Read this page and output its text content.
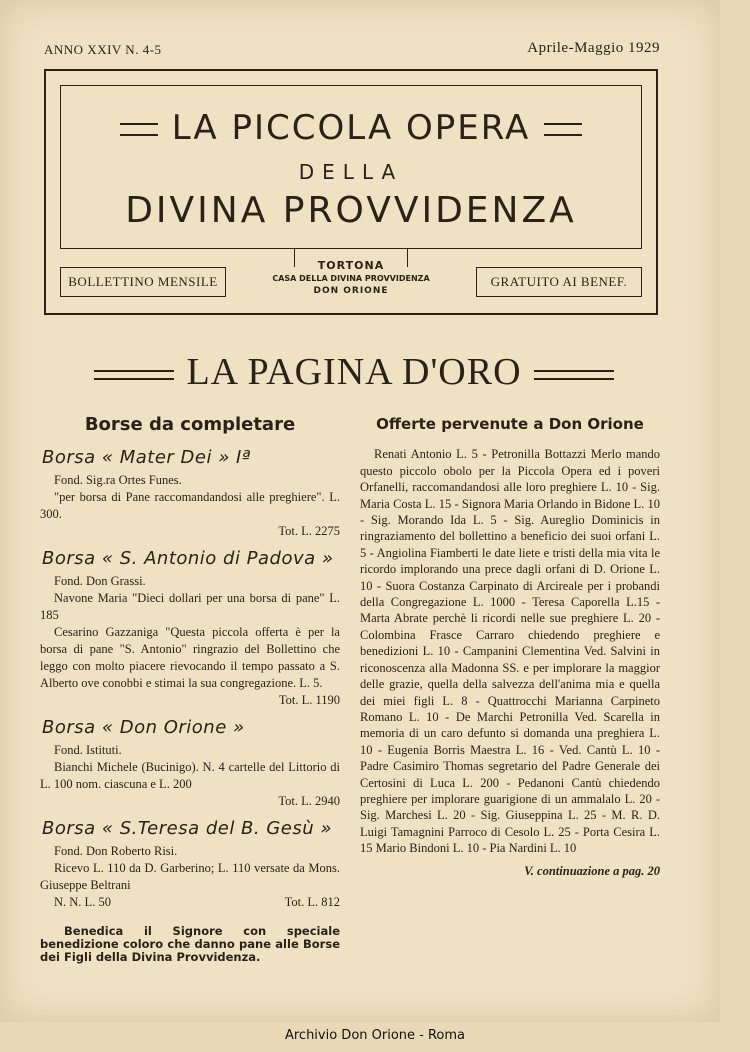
ANNO XXIV N. 4-5	Aprile-Maggio 1929
LA PICCOLA OPERA
DELLA
DIVINA PROVVIDENZA
BOLLETTINO MENSILE
TORTONA
CASA DELLA DIVINA PROVVIDENZA
DON ORIONE
GRATUITO AI BENEF.
LA PAGINA D'ORO
Borse da completare
Borsa « Mater Dei » Iª

Fond. Sig.ra Ortes Funes.

"per borsa di Pane raccomandandosi alle preghiere". L. 300.

Tot. L. 2275
Borsa « S. Antonio di Padova »

Fond. Don Grassi.

Navone Maria "Dieci dollari per una borsa di pane" L. 185

Cesarino Gazzaniga "Questa piccola offerta è per la borsa di pane "S. Antonio" ringrazio del Bollettino che leggo con molto piacere rievocando il tempo passato a S. Alberto ove conobbi e stimai la sua congregazione. L. 5.

Tot. L. 1190
Borsa « Don Orione »

Fond. Istituti.

Bianchi Michele (Bucinigo). N. 4 cartelle del Littorio di L. 100 nom. ciascuna e L. 200

Tot. L. 2940
Borsa « S.Teresa del B. Gesù »

Fond. Don Roberto Risi.

Ricevo L. 110 da D. Garberino; L. 110 versate da Mons. Giuseppe Beltrani

N. N. L. 50	Tot. L. 812
Benedica il Signore con speciale benedizione coloro che danno pane alle Borse dei Figli della Divina Provvidenza.
Offerte pervenute a Don Orione

Renati Antonio L. 5 - Petronilla Bottazzi Merlo mando questo piccolo obolo per la Piccola Opera ed i poveri Orfanelli, raccomandandosi alle loro preghiere L. 10 - Sig. Maria Costa L. 15 - Signora Maria Orlando in Bidone L. 10 - Sig. Morando Ida L. 5 - Sig. Aureglio Dominicis in ringraziamento del bollettino a beneficio dei suoi orfani L. 5 - Angiolina Fiamberti le date liete e tristi della mia vita le ricordo implorando una prece dagli orfani di D. Orione L. 10 - Suora Costanza Carpinato di Arcireale per i probandi della Congregazione L. 1000 - Teresa Caporella L.15 - Marta Abrate perchè li ricordi nelle sue preghiere L. 20 - Colombina Frasce Carraro chiedendo preghiere e benedizioni L. 10 - Campanini Clementina Ved. Salvini in riconoscenza alla Madonna SS. e per implorare la maggior delle grazie, quella della salvezza dell'anima mia e quella dei miei figli L. 8 - Quattrocchi Marianna Carpineto Romano L. 10 - De Marchi Petronilla Ved. Scarella in memoria di un caro defunto si domanda una preghiera L. 10 - Eugenia Borris Maestra L. 16 - Ved. Cantù L. 10 - Padre Casimiro Thomas segretario del Padre Generale dei Certosini di Luca L. 200 - Pedanoni Cantù chiedendo preghiere per implorare guarigione di un ammalalo L. 20 - Sig. Marchesi L. 20 - Sig. Giuseppina L. 25 - M. R. D. Luigi Tamagnini Parroco di Cesolo L. 25 - Porta Cesira L. 15 Mario Bindoni L. 10 - Pia Nardini L. 10

V. continuazione a pag. 20
Archivio Don Orione - Roma
